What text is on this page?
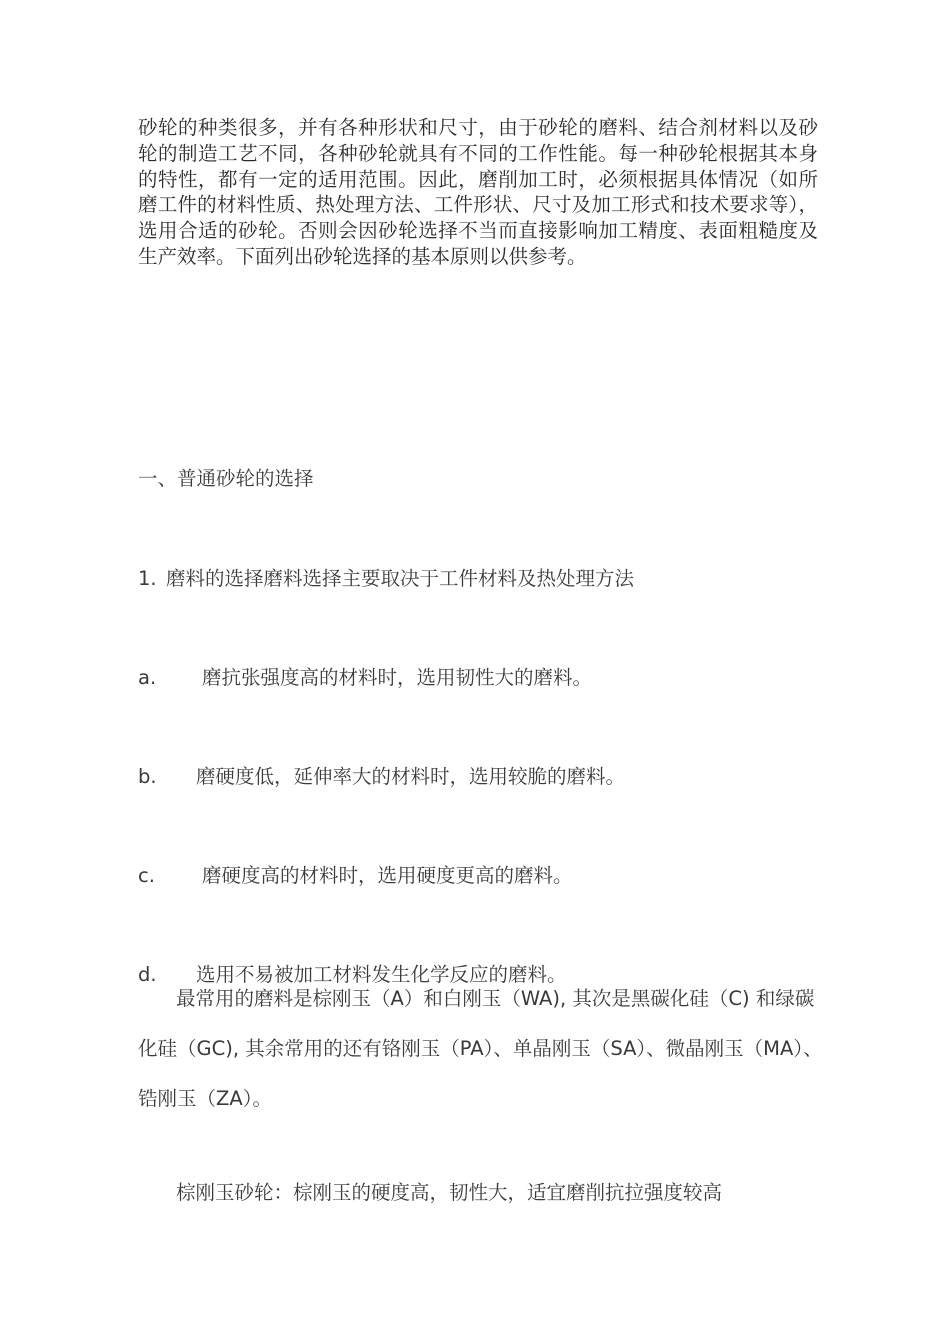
砂轮的种类很多，并有各种形状和尺寸，由于砂轮的磨料、结合剂材料以及砂轮的制造工艺不同，各种砂轮就具有不同的工作性能。每一种砂轮根据其本身的特性，都有一定的适用范围。因此，磨削加工时，必须根据具体情况（如所磨工件的材料性质、热处理方法、工件形状、尺寸及加工形式和技术要求等），选用合适的砂轮。否则会因砂轮选择不当而直接影响加工精度、表面粗糙度及生产效率。下面列出砂轮选择的基本原则以供参考。

一、普通砂轮的选择

1. 磨料的选择磨料选择主要取决于工件材料及热处理方法

a. 磨抗张强度高的材料时，选用韧性大的磨料。

b. 磨硬度低，延伸率大的材料时，选用较脆的磨料。

c. 磨硬度高的材料时，选用硬度更高的磨料。

d. 选用不易被加工材料发生化学反应的磨料。

最常用的磨料是棕刚玉（A）和白刚玉（WA), 其次是黑碳化硅（C) 和绿碳化硅（GC), 其余常用的还有铬刚玉（PA）、单晶刚玉（SA）、微晶刚玉（MA）、锆刚玉（ZA）。

棕刚玉砂轮：棕刚玉的硬度高，韧性大，适宜磨削抗拉强度较高
